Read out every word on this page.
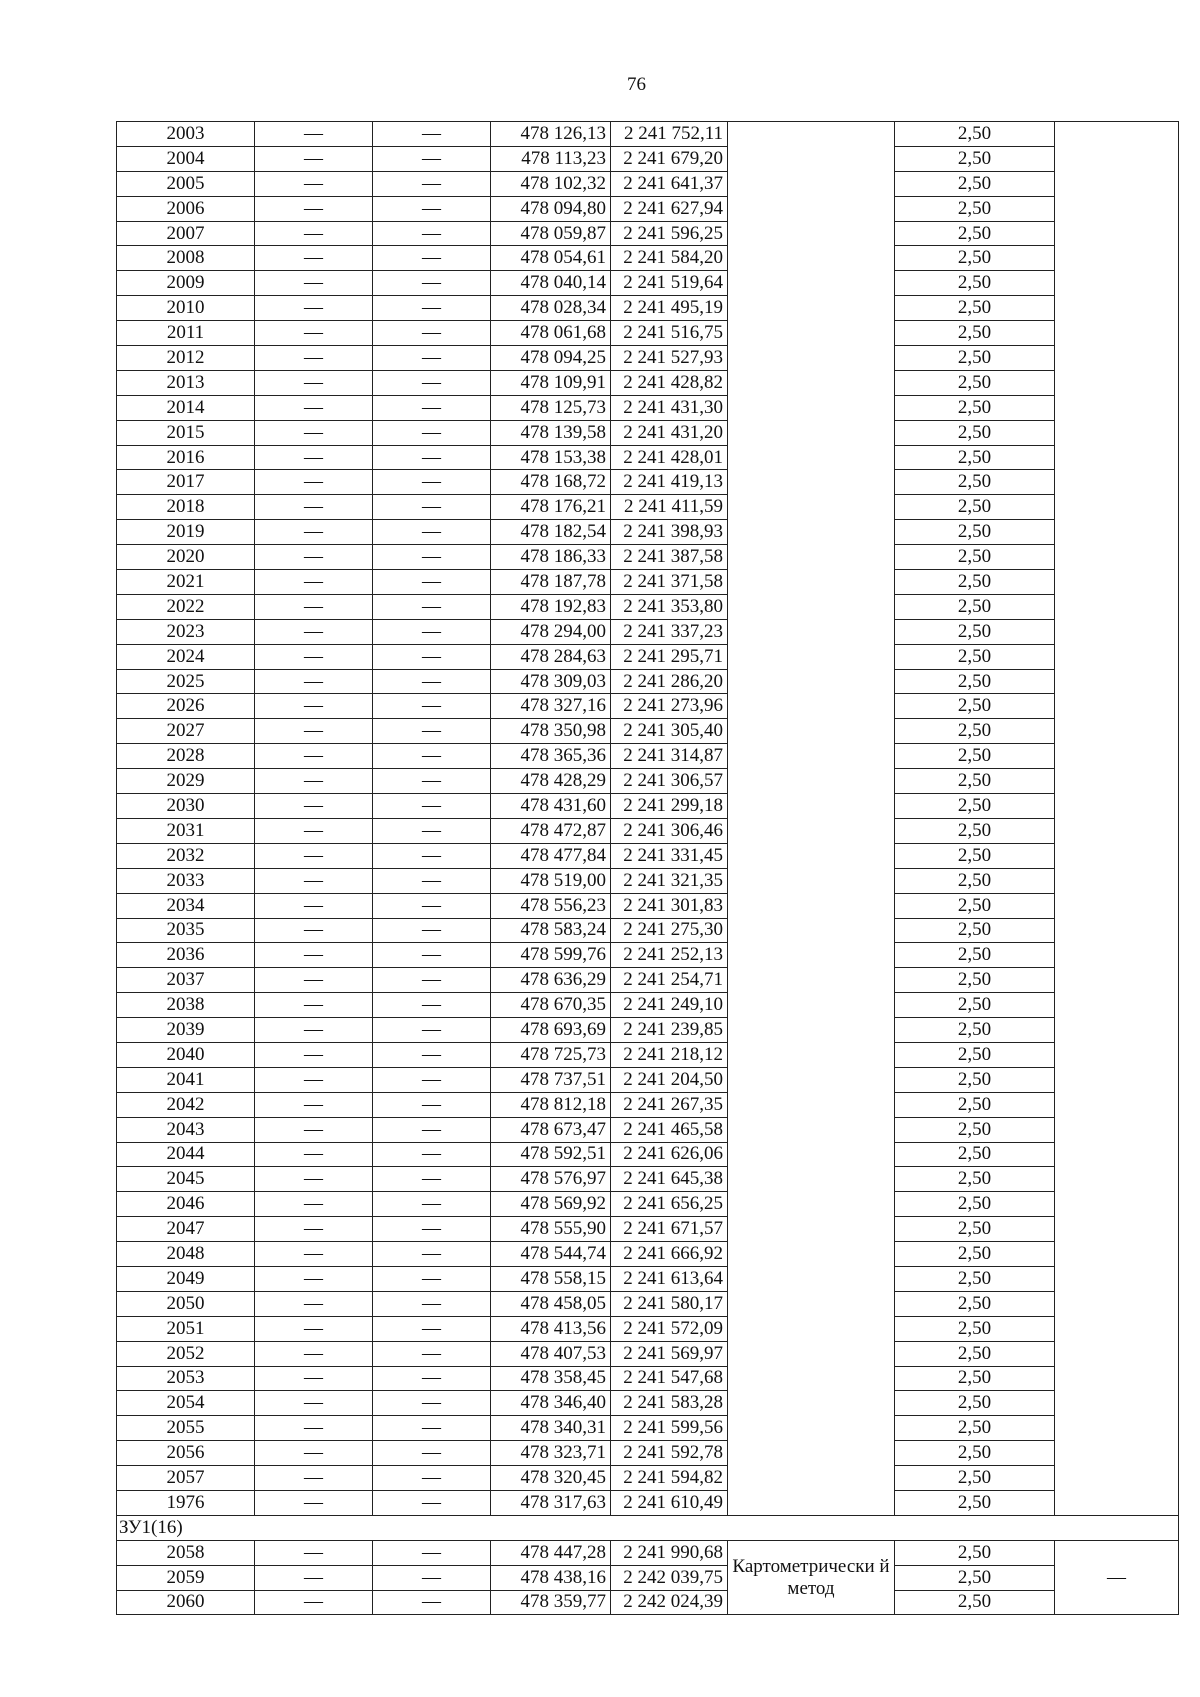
76
2003	—	—	478 126,13	2 241 752,11		2,50	
2004	—	—	478 113,23	2 241 679,20		2,50	
2005	—	—	478 102,32	2 241 641,37		2,50	
2006	—	—	478 094,80	2 241 627,94		2,50	
2007	—	—	478 059,87	2 241 596,25		2,50	
2008	—	—	478 054,61	2 241 584,20		2,50	
2009	—	—	478 040,14	2 241 519,64		2,50	
2010	—	—	478 028,34	2 241 495,19		2,50	
2011	—	—	478 061,68	2 241 516,75		2,50	
2012	—	—	478 094,25	2 241 527,93		2,50	
2013	—	—	478 109,91	2 241 428,82		2,50	
2014	—	—	478 125,73	2 241 431,30		2,50	
2015	—	—	478 139,58	2 241 431,20		2,50	
2016	—	—	478 153,38	2 241 428,01		2,50	
2017	—	—	478 168,72	2 241 419,13		2,50	
2018	—	—	478 176,21	2 241 411,59		2,50	
2019	—	—	478 182,54	2 241 398,93		2,50	
2020	—	—	478 186,33	2 241 387,58		2,50	
2021	—	—	478 187,78	2 241 371,58		2,50	
2022	—	—	478 192,83	2 241 353,80		2,50	
2023	—	—	478 294,00	2 241 337,23		2,50	
2024	—	—	478 284,63	2 241 295,71		2,50	
2025	—	—	478 309,03	2 241 286,20		2,50	
2026	—	—	478 327,16	2 241 273,96		2,50	
2027	—	—	478 350,98	2 241 305,40		2,50	
2028	—	—	478 365,36	2 241 314,87		2,50	
2029	—	—	478 428,29	2 241 306,57		2,50	
2030	—	—	478 431,60	2 241 299,18		2,50	
2031	—	—	478 472,87	2 241 306,46		2,50	
2032	—	—	478 477,84	2 241 331,45		2,50	
2033	—	—	478 519,00	2 241 321,35		2,50	
2034	—	—	478 556,23	2 241 301,83		2,50	
2035	—	—	478 583,24	2 241 275,30		2,50	
2036	—	—	478 599,76	2 241 252,13		2,50	
2037	—	—	478 636,29	2 241 254,71		2,50	
2038	—	—	478 670,35	2 241 249,10		2,50	
2039	—	—	478 693,69	2 241 239,85		2,50	
2040	—	—	478 725,73	2 241 218,12		2,50	
2041	—	—	478 737,51	2 241 204,50		2,50	
2042	—	—	478 812,18	2 241 267,35		2,50	
2043	—	—	478 673,47	2 241 465,58		2,50	
2044	—	—	478 592,51	2 241 626,06		2,50	
2045	—	—	478 576,97	2 241 645,38		2,50	
2046	—	—	478 569,92	2 241 656,25		2,50	
2047	—	—	478 555,90	2 241 671,57		2,50	
2048	—	—	478 544,74	2 241 666,92		2,50	
2049	—	—	478 558,15	2 241 613,64		2,50	
2050	—	—	478 458,05	2 241 580,17		2,50	
2051	—	—	478 413,56	2 241 572,09		2,50	
2052	—	—	478 407,53	2 241 569,97		2,50	
2053	—	—	478 358,45	2 241 547,68		2,50	
2054	—	—	478 346,40	2 241 583,28		2,50	
2055	—	—	478 340,31	2 241 599,56		2,50	
2056	—	—	478 323,71	2 241 592,78		2,50	
2057	—	—	478 320,45	2 241 594,82		2,50	
1976	—	—	478 317,63	2 241 610,49		2,50	
ЗУ1(16)							
2058	—	—	478 447,28	2 241 990,68	Картометрически й метод	2,50	—
2059	—	—	478 438,16	2 242 039,75		2,50	
2060	—	—	478 359,77	2 242 024,39		2,50	
